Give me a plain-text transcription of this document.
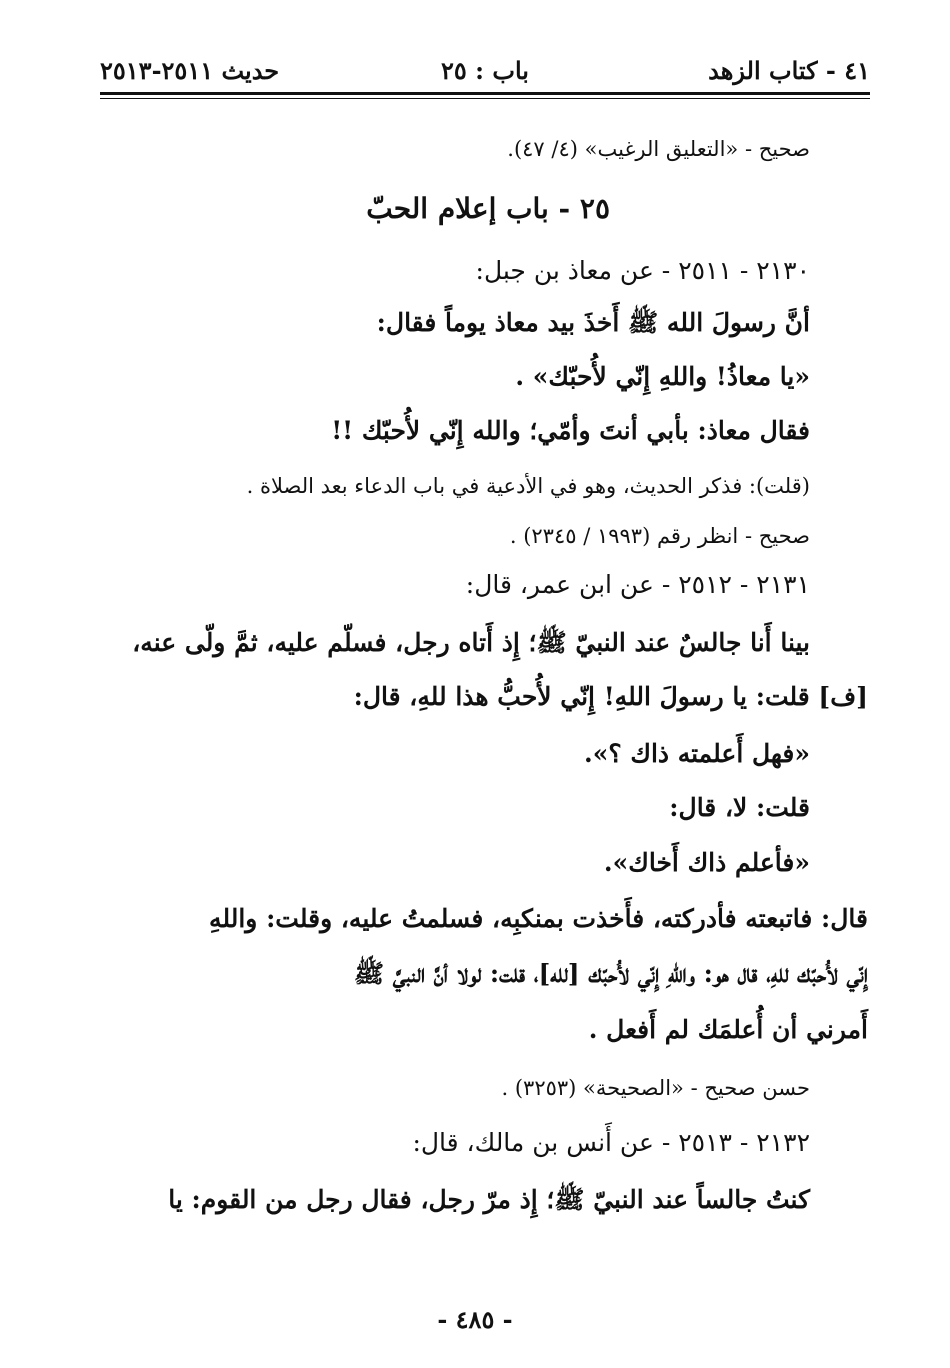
٤١ - كتاب الزهد
باب : ٢٥
حديث ٢٥١١-٢٥١٣
صحيح - «التعليق الرغيب» (٤/ ٤٧).
٢٥ - باب إعلام الحبّ
٢١٣٠ - ٢٥١١ - عن معاذ بن جبل:
أنَّ رسولَ الله ﷺ أَخذَ بيد معاذ يوماً فقال:
«يا معاذُ! واللهِ إِنّي لأُحبّك» .
فقال معاذ: بأبي أنتَ وأمّي؛ والله إِنّي لأُحبّك !!
(قلت): فذكر الحديث، وهو في الأدعية في باب الدعاء بعد الصلاة .
صحيح - انظر رقم (١٩٩٣ / ٢٣٤٥) .
٢١٣١ - ٢٥١٢ - عن ابن عمر، قال:
بينا أَنا جالسٌ عند النبيّ ﷺ؛ إِذ أَتاه رجل، فسلّم عليه، ثمَّ ولّى عنه،
[ف] قلت: يا رسولَ اللهِ! إِنّي لأُحبُّ هذا للهِ، قال:
«فهل أَعلمته ذاك ؟».
قلت: لا، قال:
«فأعلم ذاك أَخاك».
قال: فاتبعته فأدركته، فأَخذت بمنكبِه، فسلمتُ عليه، وقلت: واللهِ
إِنّي لأُحبّك للهِ، قال هو: واللهِ إِنّي لأُحبّك [لله]، قلت: لولا أنَّ النبيَّ ﷺ
أَمرني أن أُعلمَك لم أَفعل .
حسن صحيح - «الصحيحة» (٣٢٥٣) .
٢١٣٢ - ٢٥١٣ - عن أَنس بن مالك، قال:
كنتُ جالساً عند النبيّ ﷺ؛ إِذ مرّ رجل، فقال رجل من القوم: يا
- ٤٨٥ -
